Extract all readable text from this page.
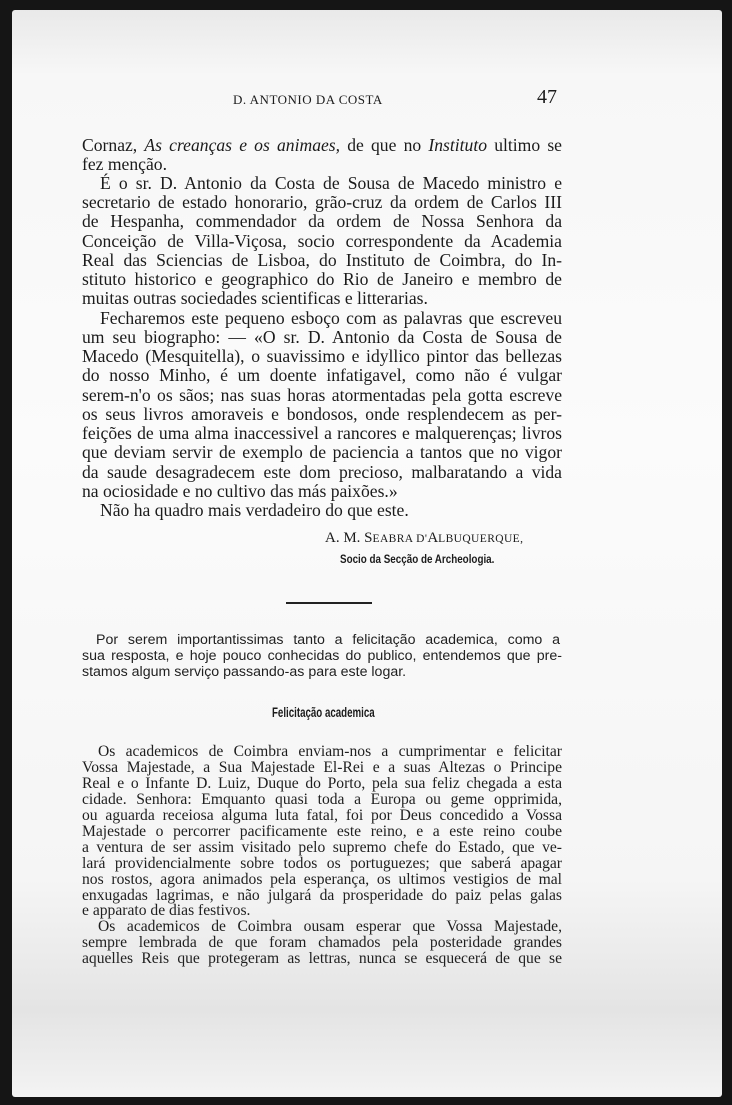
D. ANTONIO DA COSTA	47
Cornaz, As creanças e os animaes, de que no Instituto ultimo se
fez menção.
É o sr. D. Antonio da Costa de Sousa de Macedo ministro e
secretario de estado honorario, grão-cruz da ordem de Carlos III
de Hespanha, commendador da ordem de Nossa Senhora da
Conceição de Villa-Viçosa, socio correspondente da Academia
Real das Sciencias de Lisboa, do Instituto de Coimbra, do In-
stituto historico e geographico do Rio de Janeiro e membro de
muitas outras sociedades scientificas e litterarias.
Fecharemos este pequeno esboço com as palavras que escreveu
um seu biographo: — «O sr. D. Antonio da Costa de Sousa de
Macedo (Mesquitella), o suavissimo e idyllico pintor das bellezas
do nosso Minho, é um doente infatigavel, como não é vulgar
serem-n'o os sãos; nas suas horas atormentadas pela gotta escreve
os seus livros amoraveis e bondosos, onde resplendecem as per-
feições de uma alma inaccessivel a rancores e malquerenças; livros
que deviam servir de exemplo de paciencia a tantos que no vigor
da saude desagradecem este dom precioso, malbaratando a vida
na ociosidade e no cultivo das más paixões.»
Não ha quadro mais verdadeiro do que este.
A. M. SEABRA D'ALBUQUERQUE,
Socio da Secção de Archeologia.
Por serem importantissimas tanto a felicitação academica, como a
sua resposta, e hoje pouco conhecidas do publico, entendemos que pre-
stamos algum serviço passando-as para este logar.
Felicitação academica
Os academicos de Coimbra enviam-nos a cumprimentar e felicitar
Vossa Majestade, a Sua Majestade El-Rei e a suas Altezas o Principe
Real e o Infante D. Luiz, Duque do Porto, pela sua feliz chegada a esta
cidade. Senhora: Emquanto quasi toda a Europa ou geme opprimida,
ou aguarda receiosa alguma luta fatal, foi por Deus concedido a Vossa
Majestade o percorrer pacificamente este reino, e a este reino coube
a ventura de ser assim visitado pelo supremo chefe do Estado, que ve-
lará providencialmente sobre todos os portuguezes; que saberá apagar
nos rostos, agora animados pela esperança, os ultimos vestigios de mal
enxugadas lagrimas, e não julgará da prosperidade do paiz pelas galas
e apparato de dias festivos.
Os academicos de Coimbra ousam esperar que Vossa Majestade,
sempre lembrada de que foram chamados pela posteridade grandes
aquelles Reis que protegeram as lettras, nunca se esquecerá de que se
